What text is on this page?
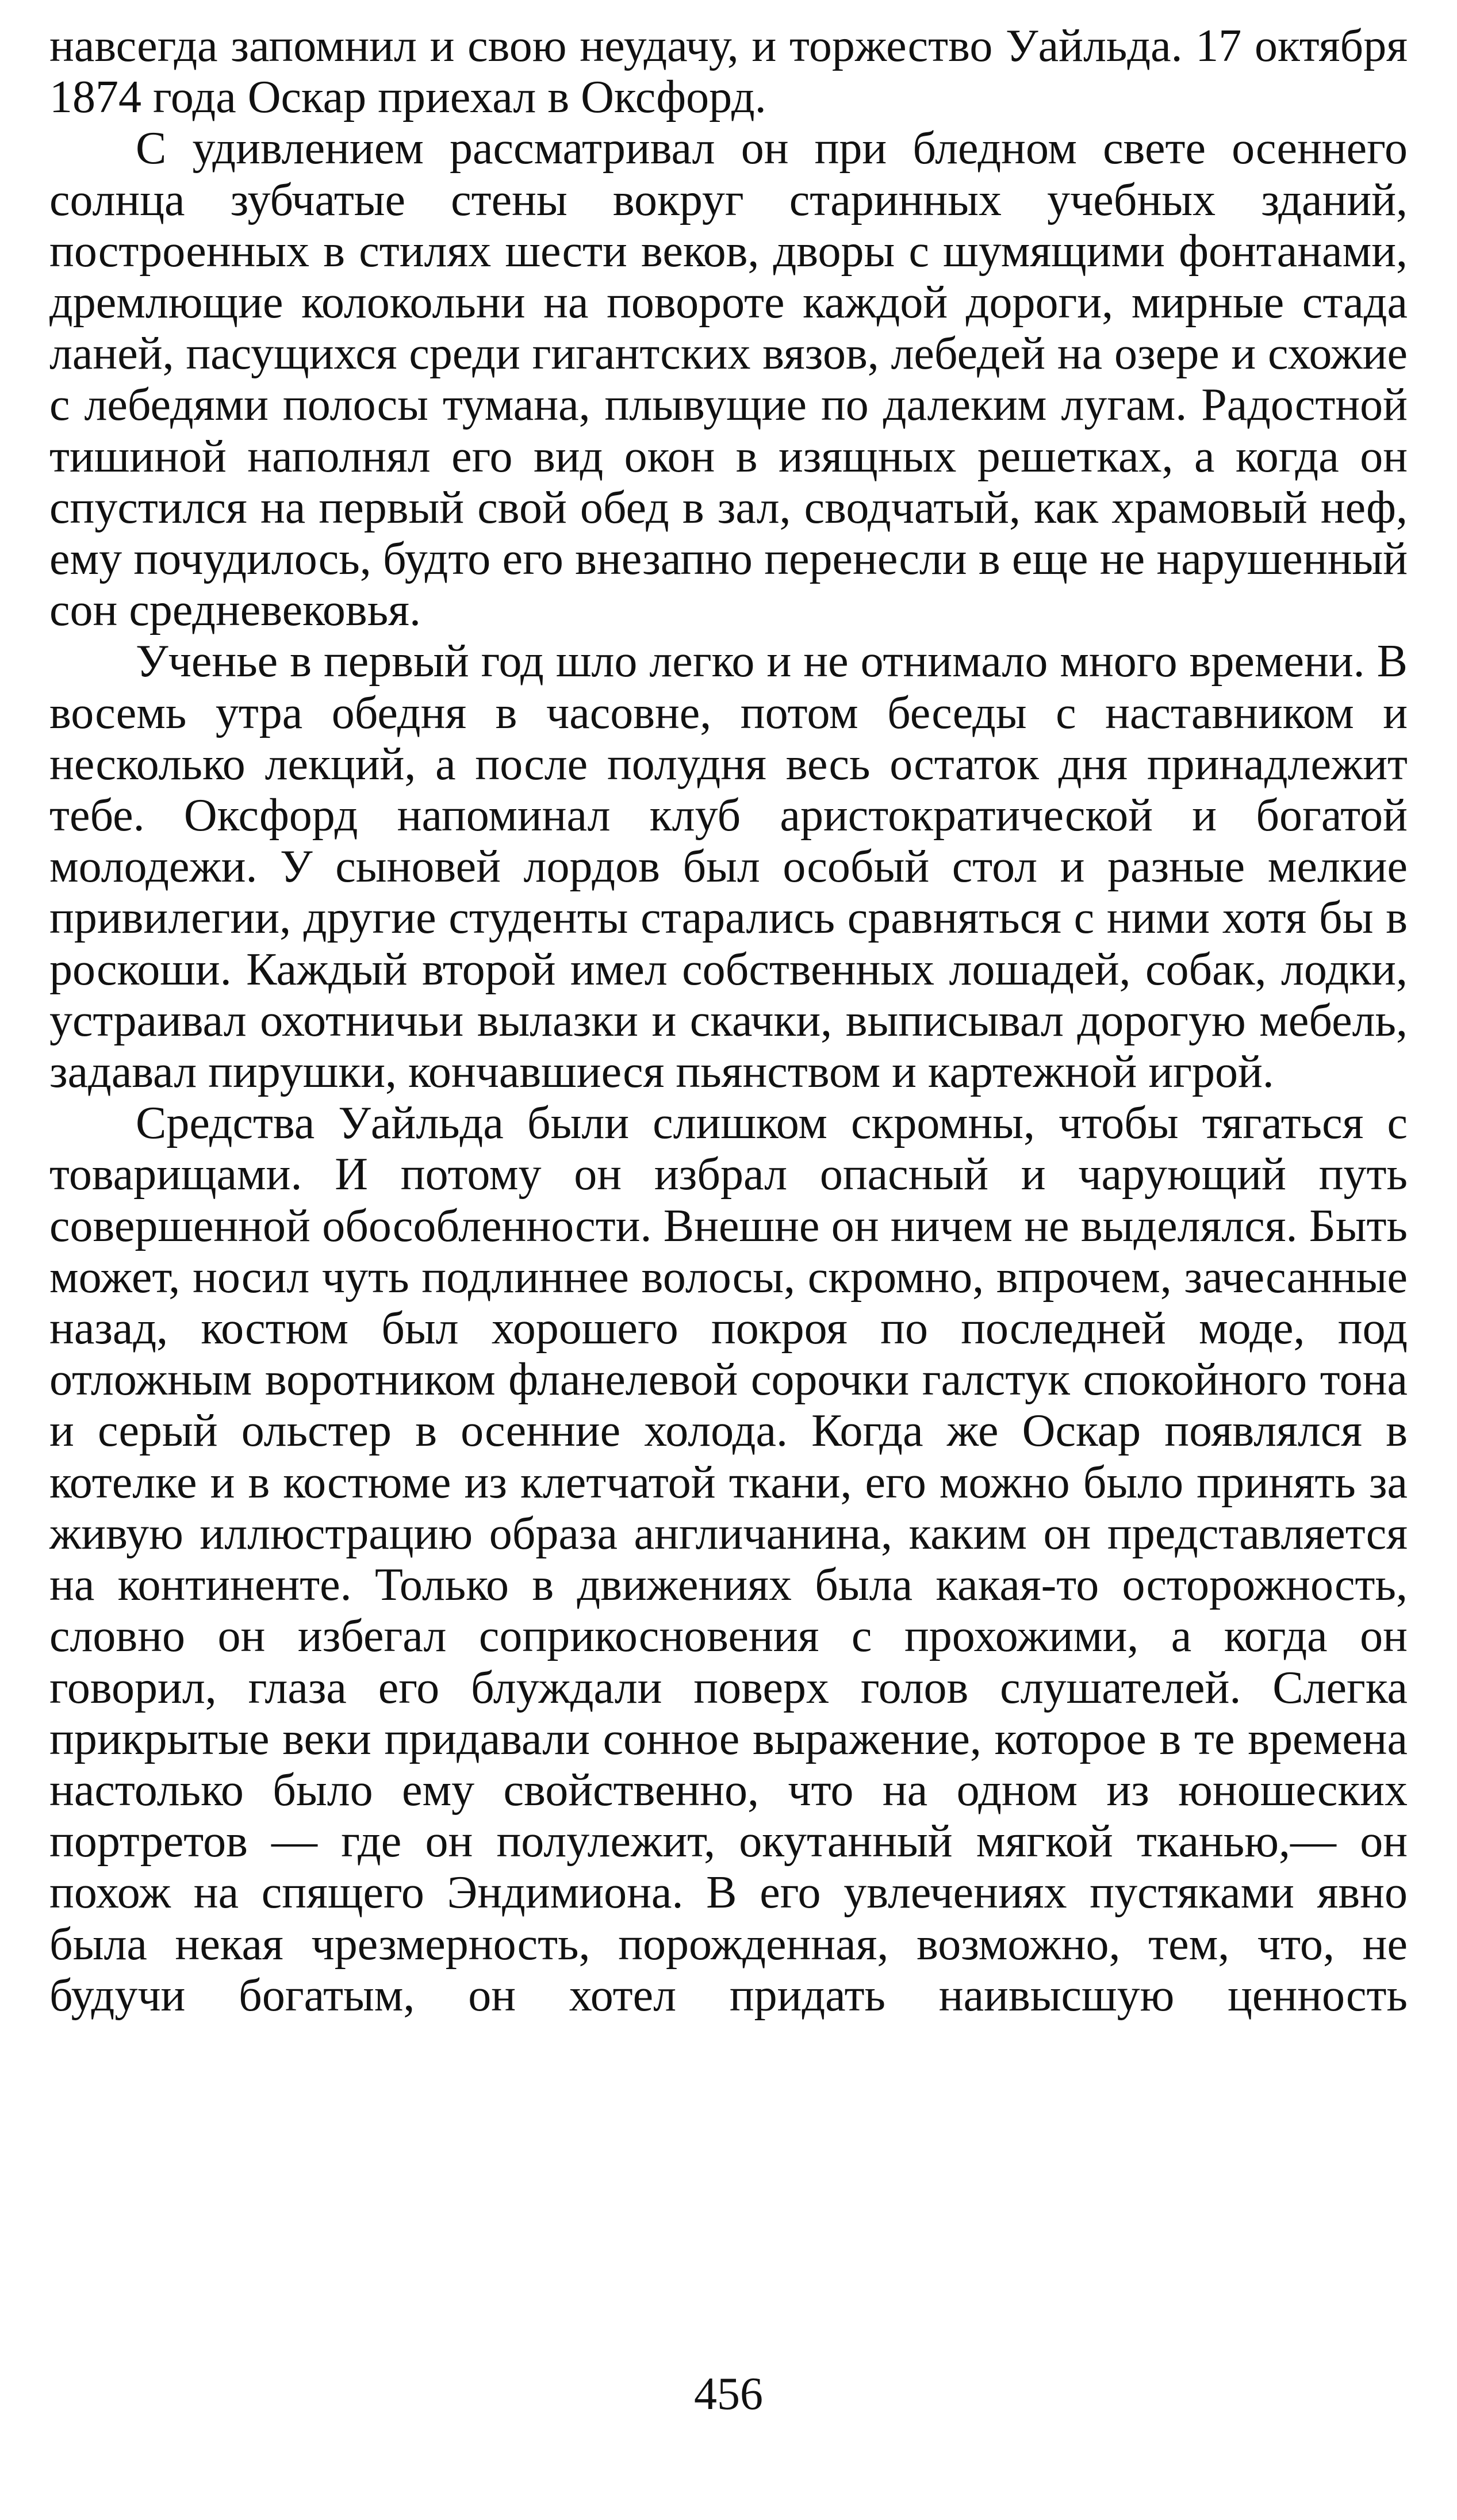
навсегда запомнил и свою неудачу, и торжество Уайльда. 17 октября 1874 года Оскар приехал в Оксфорд.

С удивлением рассматривал он при бледном свете осеннего солнца зубчатые стены вокруг старинных учебных зданий, построенных в стилях шести веков, дворы с шумящими фонтанами, дремлющие колокольни на повороте каждой дороги, мирные стада ланей, пасущихся среди гигантских вязов, лебедей на озере и схожие с лебедями полосы тумана, плывущие по далеким лугам. Радостной тишиной наполнял его вид окон в изящных решетках, а когда он спустился на первый свой обед в зал, сводчатый, как храмовый неф, ему почудилось, будто его внезапно перенесли в еще не нарушенный сон средневековья.

Ученье в первый год шло легко и не отнимало много времени. В восемь утра обедня в часовне, потом беседы с наставником и несколько лекций, а после полудня весь остаток дня принадлежит тебе. Оксфорд напоминал клуб аристократической и богатой молодежи. У сыновей лордов был особый стол и разные мелкие привилегии, другие студенты старались сравняться с ними хотя бы в роскоши. Каждый второй имел собственных лошадей, собак, лодки, устраивал охотничьи вылазки и скачки, выписывал дорогую мебель, задавал пирушки, кончавшиеся пьянством и картежной игрой.

Средства Уайльда были слишком скромны, чтобы тягаться с товарищами. И потому он избрал опасный и чарующий путь совершенной обособленности. Внешне он ничем не выделялся. Быть может, носил чуть подлиннее волосы, скромно, впрочем, зачесанные назад, костюм был хорошего покроя по последней моде, под отложным воротником фланелевой сорочки галстук спокойного тона и серый ольстер в осенние холода. Когда же Оскар появлялся в котелке и в костюме из клетчатой ткани, его можно было принять за живую иллюстрацию образа англичанина, каким он представляется на континенте. Только в движениях была какая-то осторожность, словно он избегал соприкосновения с прохожими, а когда он говорил, глаза его блуждали поверх голов слушателей. Слегка прикрытые веки придавали сонное выражение, которое в те времена настолько было ему свойственно, что на одном из юношеских портретов — где он полулежит, окутанный мягкой тканью,— он похож на спящего Эндимиона. В его увлечениях пустяками явно была некая чрезмерность, порожденная, возможно, тем, что, не будучи богатым, он хотел придать наивысшую ценность

456
